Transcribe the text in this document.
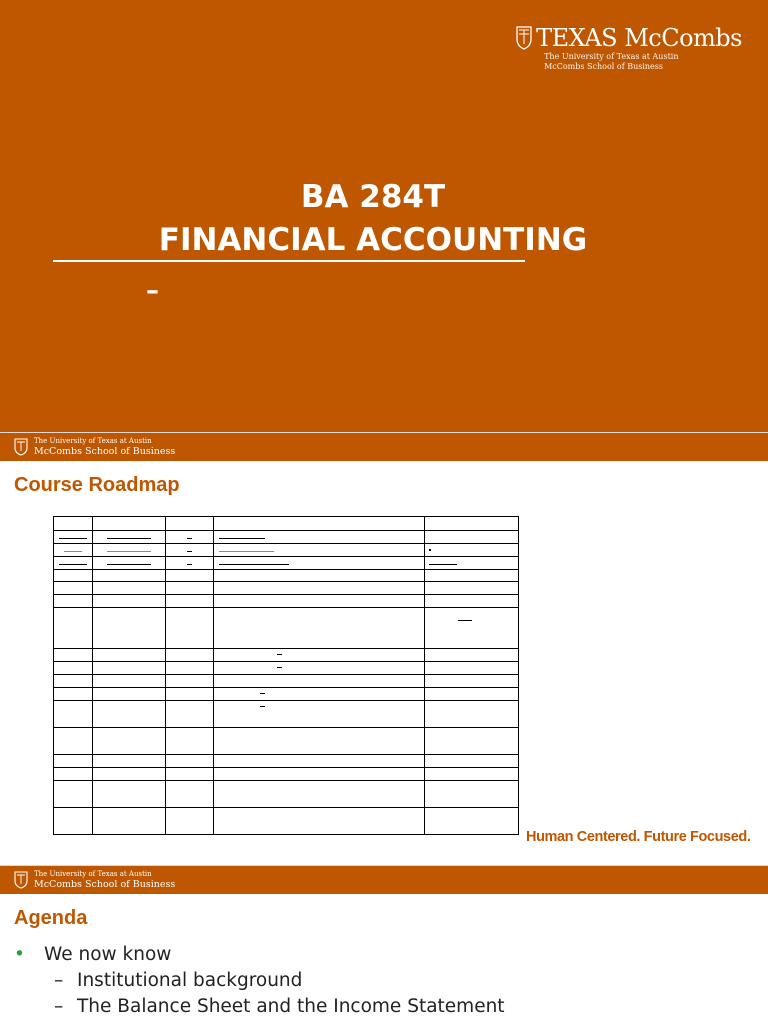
TEXAS McCombs
The University of Texas at Austin
McCombs School of Business
BA 284T
FINANCIAL ACCOUNTING
–
The University of Texas at Austin
McCombs School of Business
Course Roadmap

Human Centered. Future Focused.
The University of Texas at Austin
McCombs School of Business
Agenda
• We now know
– Institutional background
– The Balance Sheet and the Income Statement
